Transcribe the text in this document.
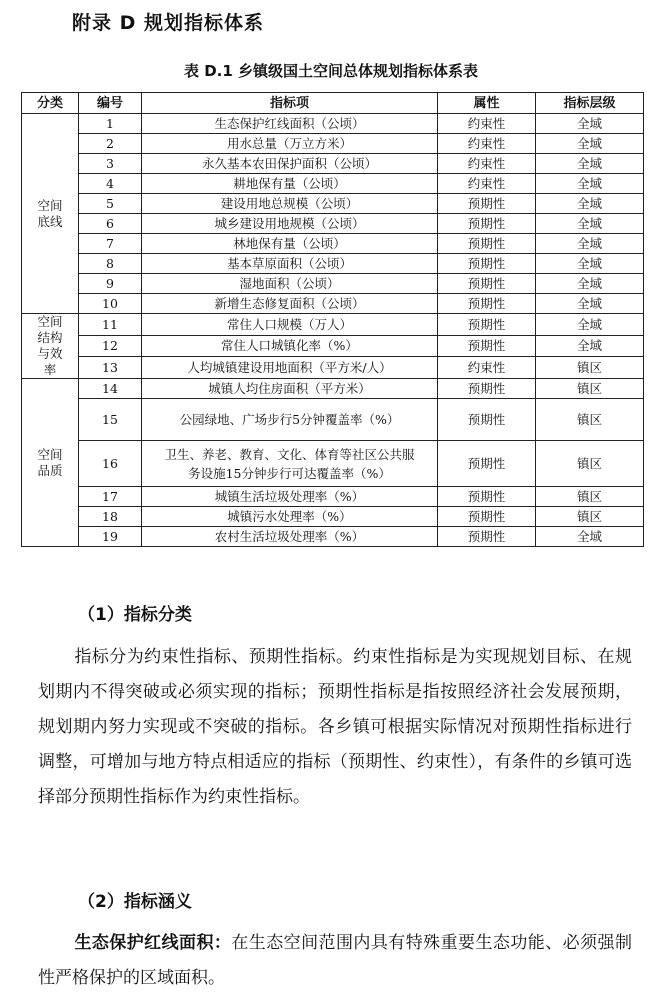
附录 D 规划指标体系
表 D.1 乡镇级国土空间总体规划指标体系表
分类	编号	指标项	属性	指标层级

空间底线	1	生态保护红线面积（公顷）	约束性	全域
	2	用水总量（万立方米）	约束性	全域
	3	永久基本农田保护面积（公顷）	约束性	全域
	4	耕地保有量（公顷）	约束性	全域
	5	建设用地总规模（公顷）	预期性	全域
	6	城乡建设用地规模（公顷）	预期性	全域
	7	林地保有量（公顷）	预期性	全域
	8	基本草原面积（公顷）	预期性	全域
	9	湿地面积（公顷）	预期性	全域
	10	新增生态修复面积（公顷）	预期性	全域

空间结构与效率	11	常住人口规模（万人）	预期性	全域
	12	常住人口城镇化率（%）	预期性	全域
	13	人均城镇建设用地面积（平方米/人）	约束性	镇区

空间品质	14	城镇人均住房面积（平方米）	预期性	镇区
	15	公园绿地、广场步行5分钟覆盖率（%）	预期性	镇区
	16	卫生、养老、教育、文化、体育等社区公共服务设施15分钟步行可达覆盖率（%）	预期性	镇区
	17	城镇生活垃圾处理率（%）	预期性	镇区
	18	城镇污水处理率（%）	预期性	镇区
	19	农村生活垃圾处理率（%）	预期性	全域
（1）指标分类
指标分为约束性指标、预期性指标。约束性指标是为实现规划目标、在规划期内不得突破或必须实现的指标；预期性指标是指按照经济社会发展预期，规划期内努力实现或不突破的指标。各乡镇可根据实际情况对预期性指标进行调整，可增加与地方特点相适应的指标（预期性、约束性），有条件的乡镇可选择部分预期性指标作为约束性指标。
（2）指标涵义
生态保护红线面积：在生态空间范围内具有特殊重要生态功能、必须强制性严格保护的区域面积。
